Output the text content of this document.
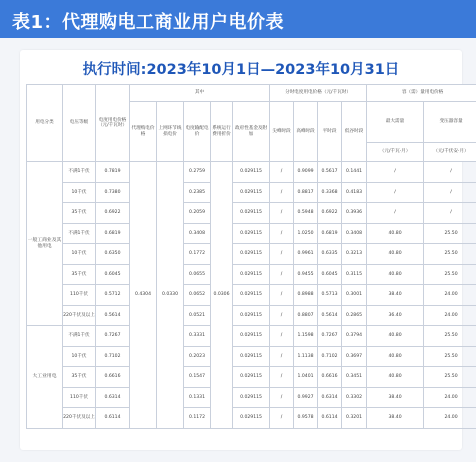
表1：代理购电工商业用户电价表
执行时间:2023年10月1日—2023年10月31日
用电分类	电压等级	电度用电价格（元/千瓦时）	其中					分时电度用电价格（元/千瓦时）				容（需）量用电价格	
			代理购电价格	上网环节线损电价	电度输配电价	系统运行费用折价	政府性基金及附加	尖峰时段	高峰时段	平时段	低谷时段	最大需量	变压器容量
												（元/千瓦·月）	（元/千伏安·月）
一般工商业及其他用电	不满1千伏	0.7819	0.4304	0.0330	0.2759	0.0306	0.029115	/	0.9099	0.5617	0.1441	/	/
	10千伏	0.7380			0.2385		0.029115	/	0.8817	0.3368	0.4183	/	/
	35千伏	0.6922			0.2059		0.029115	/	0.5948	0.6922	0.3936	/	/
	不满1千伏	0.6819			0.3408		0.029115	/	1.0250	0.6819	0.3408	40.80	25.50
	10千伏	0.6350			0.1772		0.029115	/	0.9961	0.6335	0.3213	40.80	25.50
	35千伏	0.6045			0.0655		0.029115	/	0.9455	0.6045	0.3115	40.80	25.50
	110千伏	0.5712			0.0652		0.029115	/	0.8988	0.5713	0.3001	38.40	24.00
	220千伏及以上	0.5614			0.0521		0.029115	/	0.8807	0.5614	0.2865	36.40	24.00
大工业用电	不满1千伏	0.7267			0.3331		0.029115	/	1.1598	0.7267	0.3794	40.80	25.50
	10千伏	0.7102			0.2023		0.029115	/	1.1138	0.7102	0.3697	40.80	25.50
	35千伏	0.6616			0.1547		0.029115	/	1.0401	0.6616	0.3451	40.80	25.50
	110千伏	0.6314			0.1331		0.029115	/	0.9927	0.6314	0.3302	38.40	24.00
	220千伏及以上	0.6114			0.1172		0.029115	/	0.9578	0.6114	0.3201	38.40	24.00
